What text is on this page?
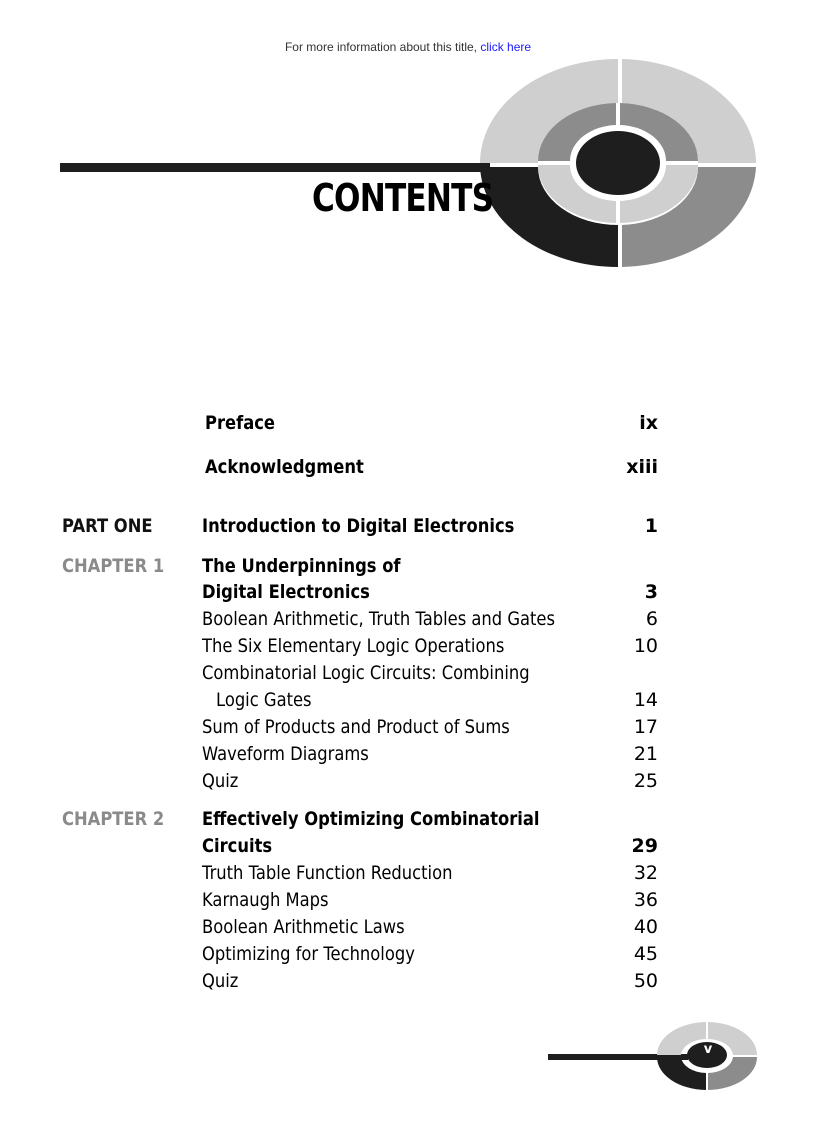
For more information about this title, click here
CONTENTS
Preface	ix
Acknowledgment	xiii
PART ONE	Introduction to Digital Electronics	1
CHAPTER 1 The Underpinnings of
Digital Electronics	3
Boolean Arithmetic, Truth Tables and Gates	6
The Six Elementary Logic Operations	10
Combinatorial Logic Circuits: Combining
Logic Gates	14
Sum of Products and Product of Sums	17
Waveform Diagrams	21
Quiz	25
CHAPTER 2 Effectively Optimizing Combinatorial
Circuits	29
Truth Table Function Reduction	32
Karnaugh Maps	36
Boolean Arithmetic Laws	40
Optimizing for Technology	45
Quiz	50
v
